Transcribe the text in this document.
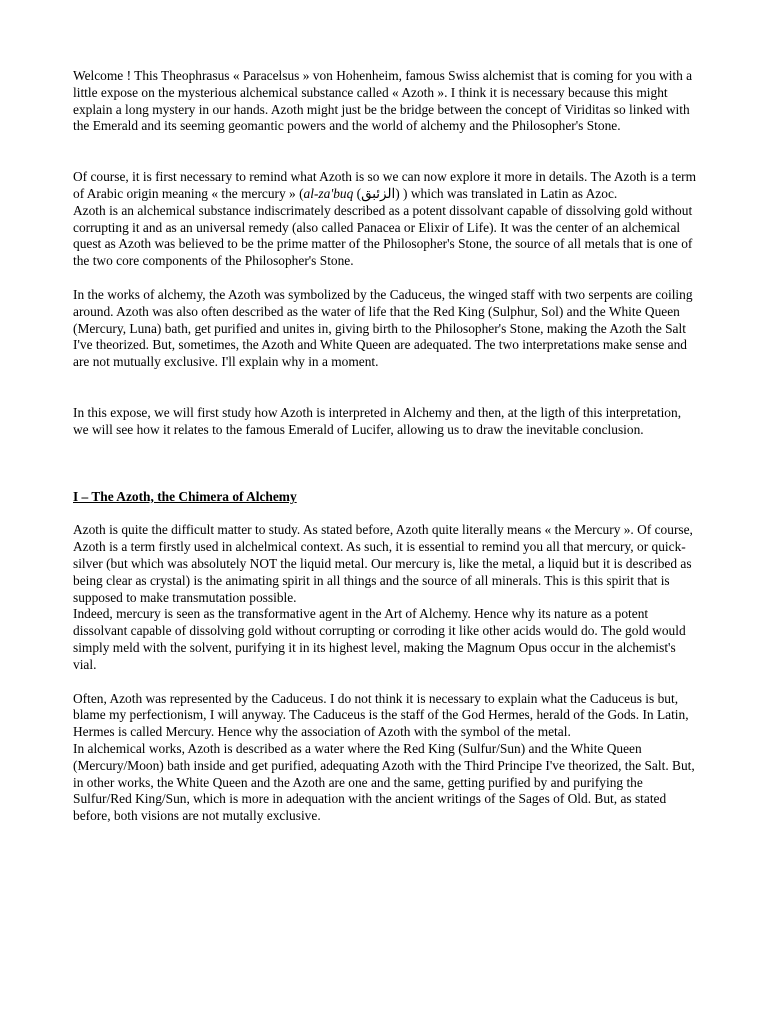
Welcome ! This Theophrasus « Paracelsus » von Hohenheim, famous Swiss alchemist that is coming for you with a little expose on the mysterious alchemical substance called « Azoth ». I think it is necessary because this might explain a long mystery in our hands. Azoth might just be the bridge between the concept of Viriditas so linked with the Emerald and its seeming geomantic powers and the world of alchemy and the Philosopher's Stone.

Of course, it is first necessary to remind what Azoth is so we can now explore it more in details. The Azoth is a term of Arabic origin meaning « the mercury » (al-za'buq (الزئبق) ) which was translated in Latin as Azoc.

Azoth is an alchemical substance indiscrimately described as a potent dissolvant capable of dissolving gold without corrupting it and as an universal remedy (also called Panacea or Elixir of Life). It was the center of an alchemical quest as Azoth was believed to be the prime matter of the Philosopher's Stone, the source of all metals that is one of the two core components of the Philosopher's Stone.

In the works of alchemy, the Azoth was symbolized by the Caduceus, the winged staff with two serpents are coiling around. Azoth was also often described as the water of life that the Red King (Sulphur, Sol) and the White Queen (Mercury, Luna) bath, get purified and unites in, giving birth to the Philosopher's Stone, making the Azoth the Salt I've theorized. But, sometimes, the Azoth and White Queen are adequated. The two interpretations make sense and are not mutually exclusive. I'll explain why in a moment.

In this expose, we will first study how Azoth is interpreted in Alchemy and then, at the ligth of this interpretation, we will see how it relates to the famous Emerald of Lucifer, allowing us to draw the inevitable conclusion.

I – The Azoth, the Chimera of Alchemy

Azoth is quite the difficult matter to study. As stated before, Azoth quite literally means « the Mercury ». Of course, Azoth is a term firstly used in alchelmical context. As such, it is essential to remind you all that mercury, or quick-silver (but which was absolutely NOT the liquid metal. Our mercury is, like the metal, a liquid but it is described as being clear as crystal) is the animating spirit in all things and the source of all minerals. This is this spirit that is supposed to make transmutation possible.

Indeed, mercury is seen as the transformative agent in the Art of Alchemy. Hence why its nature as a potent dissolvant capable of dissolving gold without corrupting or corroding it like other acids would do. The gold would simply meld with the solvent, purifying it in its highest level, making the Magnum Opus occur in the alchemist's vial.

Often, Azoth was represented by the Caduceus. I do not think it is necessary to explain what the Caduceus is but, blame my perfectionism, I will anyway. The Caduceus is the staff of the God Hermes, herald of the Gods. In Latin, Hermes is called Mercury. Hence why the association of Azoth with the symbol of the metal.

In alchemical works, Azoth is described as a water where the Red King (Sulfur/Sun) and the White Queen (Mercury/Moon) bath inside and get purified, adequating Azoth with the Third Principe I've theorized, the Salt. But, in other works, the White Queen and the Azoth are one and the same, getting purified by and purifying the Sulfur/Red King/Sun, which is more in adequation with the ancient writings of the Sages of Old. But, as stated before, both visions are not mutally exclusive.
